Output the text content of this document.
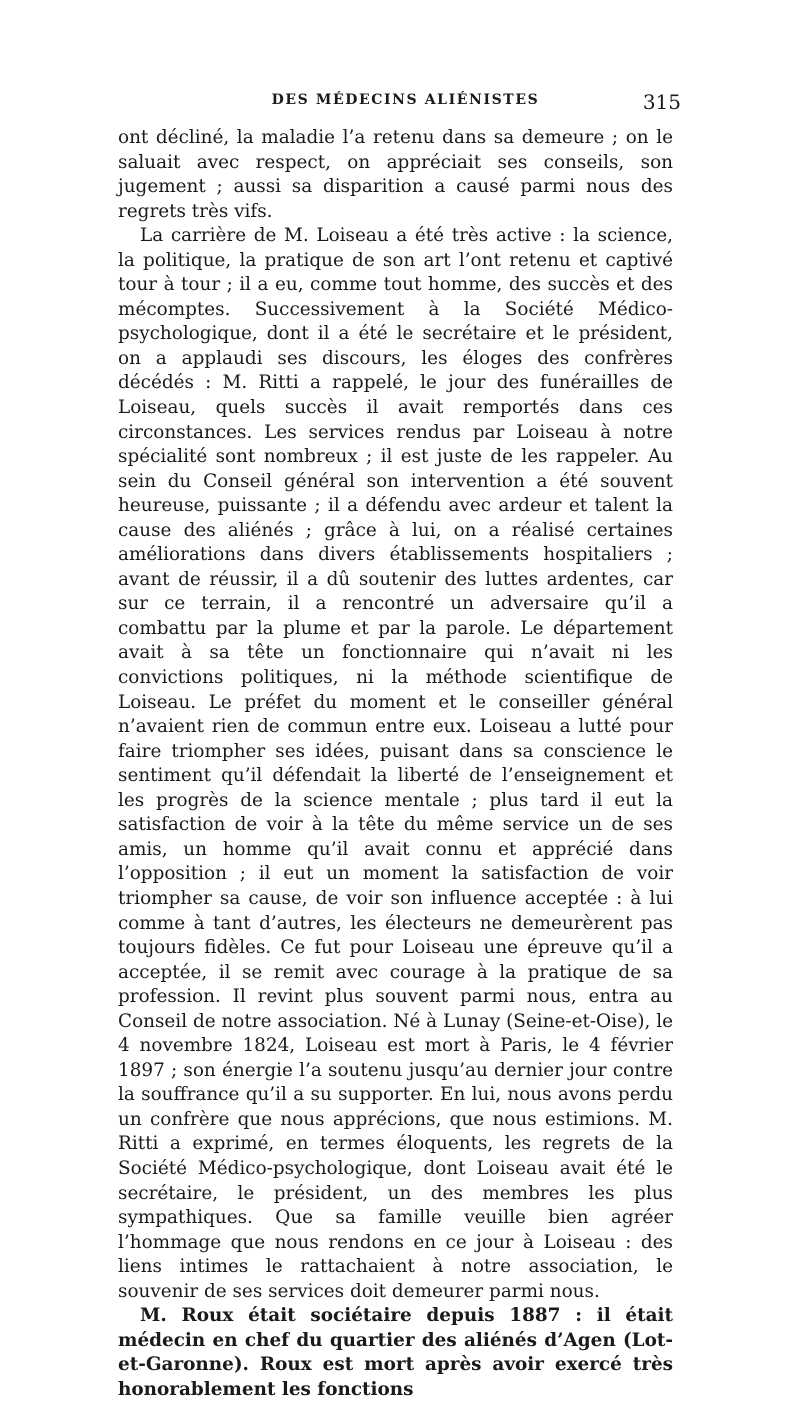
DES MÉDECINS ALIÉNISTES	315

ont décliné, la maladie l’a retenu dans sa demeure ; on le saluait avec respect, on appréciait ses conseils, son jugement ; aussi sa disparition a causé parmi nous des regrets très vifs.

La carrière de M. Loiseau a été très active : la science, la politique, la pratique de son art l’ont retenu et captivé tour à tour ; il a eu, comme tout homme, des succès et des mécomptes. Successivement à la Société Médico-psychologique, dont il a été le secrétaire et le président, on a applaudi ses discours, les éloges des confrères décédés : M. Ritti a rappelé, le jour des funérailles de Loiseau, quels succès il avait remportés dans ces circonstances. Les services rendus par Loiseau à notre spécialité sont nombreux ; il est juste de les rappeler. Au sein du Conseil général son intervention a été souvent heureuse, puissante ; il a défendu avec ardeur et talent la cause des aliénés ; grâce à lui, on a réalisé certaines améliorations dans divers établissements hospitaliers ; avant de réussir, il a dû soutenir des luttes ardentes, car sur ce terrain, il a rencontré un adversaire qu’il a combattu par la plume et par la parole. Le département avait à sa tête un fonctionnaire qui n’avait ni les convictions politiques, ni la méthode scientifique de Loiseau. Le préfet du moment et le conseiller général n’avaient rien de commun entre eux. Loiseau a lutté pour faire triompher ses idées, puisant dans sa conscience le sentiment qu’il défendait la liberté de l’enseignement et les progrès de la science mentale ; plus tard il eut la satisfaction de voir à la tête du même service un de ses amis, un homme qu’il avait connu et apprécié dans l’opposition ; il eut un moment la satisfaction de voir triompher sa cause, de voir son influence acceptée : à lui comme à tant d’autres, les électeurs ne demeurèrent pas toujours fidèles. Ce fut pour Loiseau une épreuve qu’il a acceptée, il se remit avec courage à la pratique de sa profession. Il revint plus souvent parmi nous, entra au Conseil de notre association. Né à Lunay (Seine-et-Oise), le 4 novembre 1824, Loiseau est mort à Paris, le 4 février 1897 ; son énergie l’a soutenu jusqu’au dernier jour contre la souffrance qu’il a su supporter. En lui, nous avons perdu un confrère que nous apprécions, que nous estimions. M. Ritti a exprimé, en termes éloquents, les regrets de la Société Médico-psychologique, dont Loiseau avait été le secrétaire, le président, un des membres les plus sympathiques. Que sa famille veuille bien agréer l’hommage que nous rendons en ce jour à Loiseau : des liens intimes le rattachaient à notre association, le souvenir de ses services doit demeurer parmi nous.

M. Roux était sociétaire depuis 1887 : il était médecin en chef du quartier des aliénés d’Agen (Lot-et-Garonne). Roux est mort après avoir exercé très honorablement les fonctions
